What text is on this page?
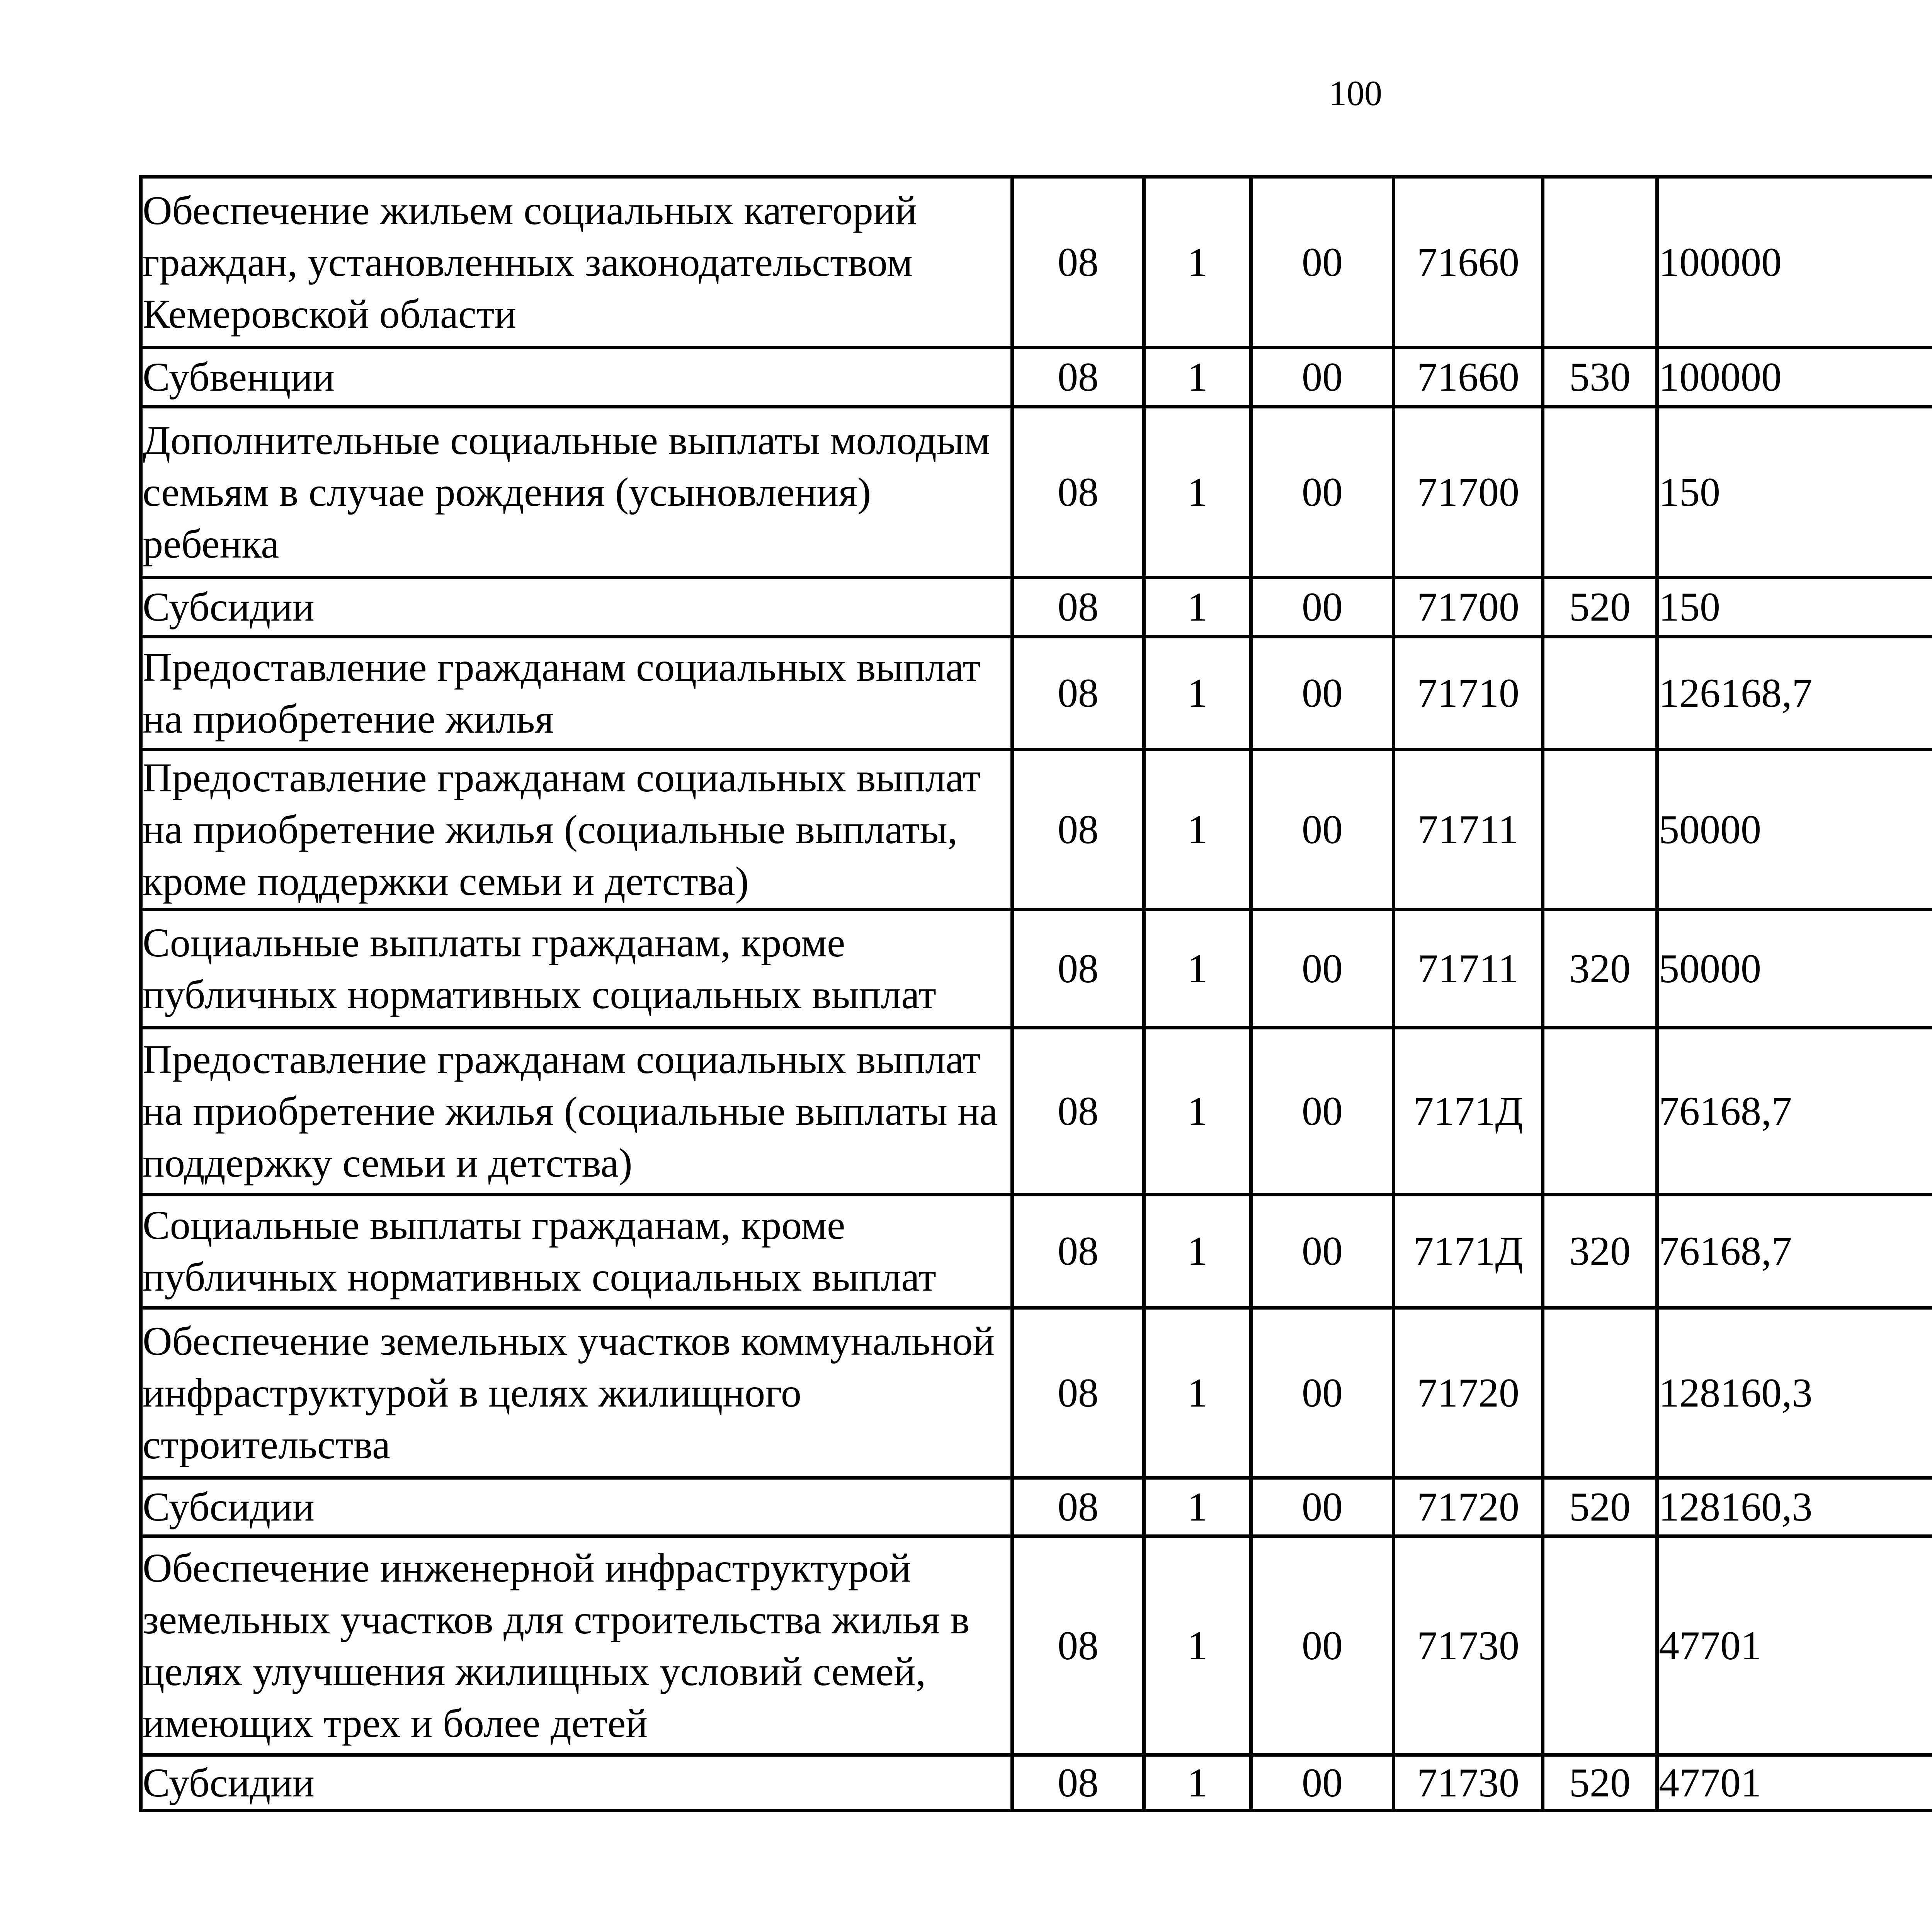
100
Обеспечение жильем социальных категорий граждан, установленных законодательством Кемеровской области	08	1	00	71660		100000		
Субвенции	08	1	00	71660	530	100000		
Дополнительные социальные выплаты молодым семьям в случае рождения (усыновления) ребенка	08	1	00	71700		150		
Субсидии	08	1	00	71700	520	150		
Предоставление гражданам социальных выплат на приобретение жилья	08	1	00	71710		126168,7		
Предоставление гражданам социальных выплат на приобретение жилья (социальные выплаты, кроме поддержки семьи и детства)	08	1	00	71711		50000		
Социальные выплаты гражданам, кроме публичных нормативных социальных выплат	08	1	00	71711	320	50000		
Предоставление гражданам социальных выплат на приобретение жилья (социальные выплаты на поддержку семьи и детства)	08	1	00	7171Д		76168,7		
Социальные выплаты гражданам, кроме публичных нормативных социальных выплат	08	1	00	7171Д	320	76168,7		
Обеспечение земельных участков коммунальной инфраструктурой в целях жилищного строительства	08	1	00	71720		128160,3		
Субсидии	08	1	00	71720	520	128160,3		
Обеспечение инженерной инфраструктурой земельных участков для строительства жилья в целях улучшения жилищных условий семей, имеющих трех и более детей	08	1	00	71730		47701		
Субсидии	08	1	00	71730	520	47701		
